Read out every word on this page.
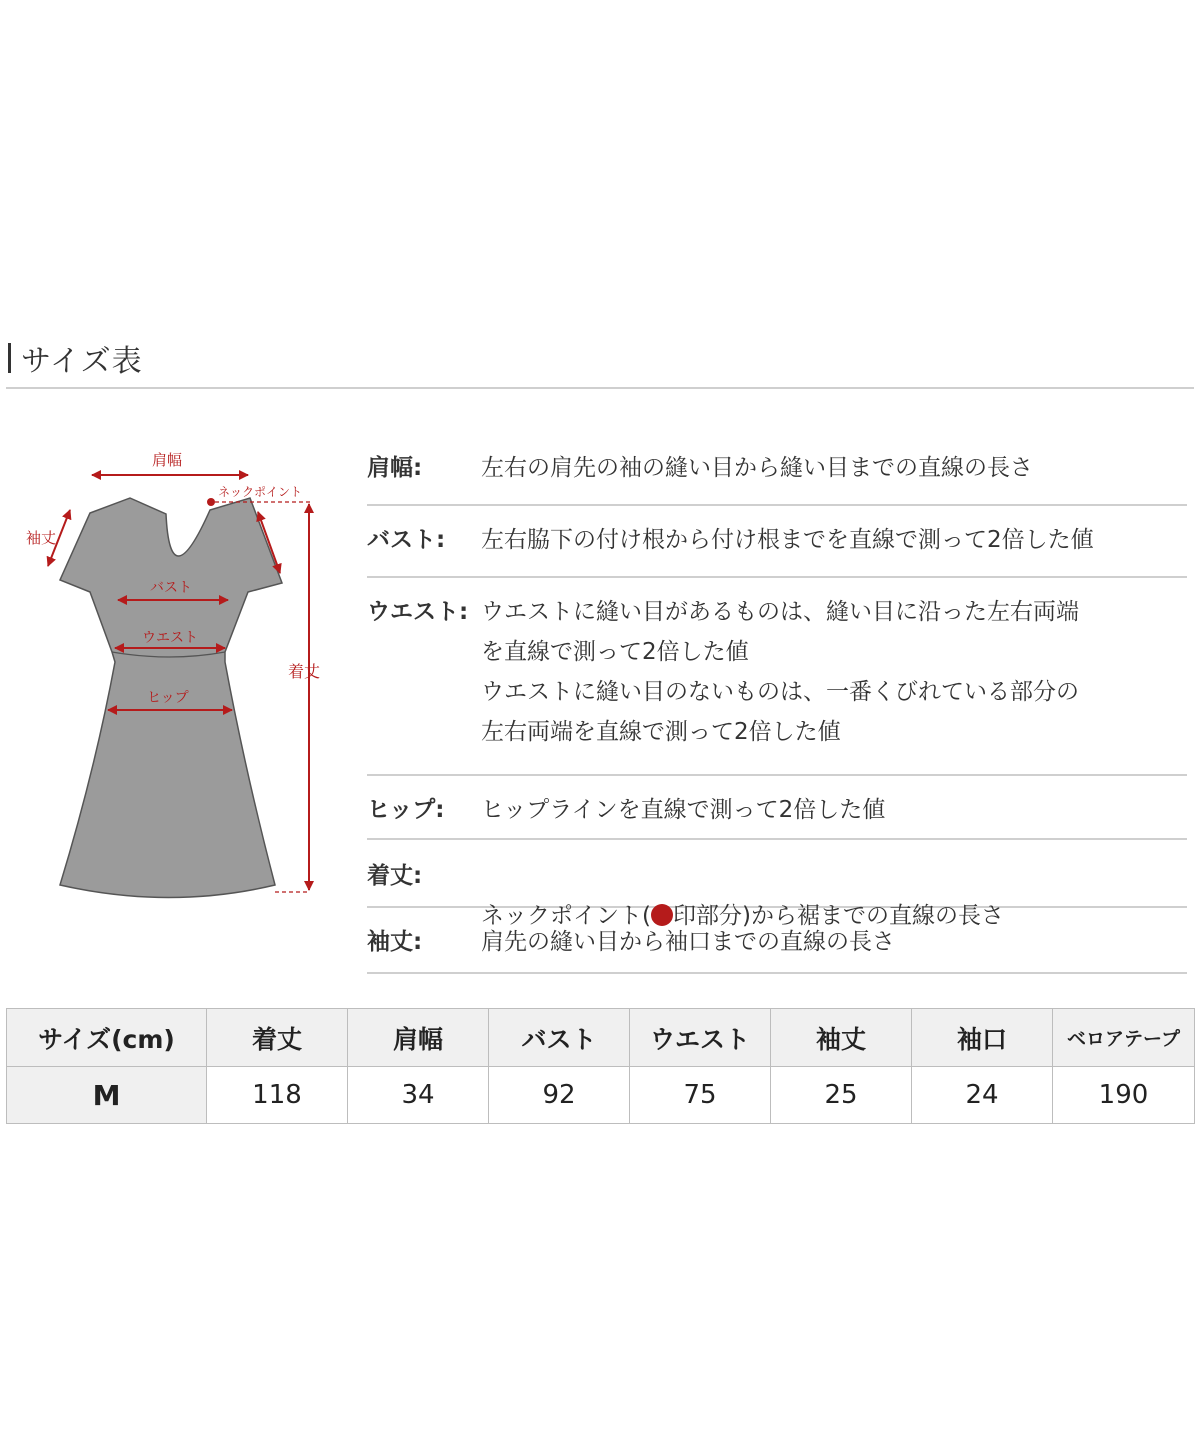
サイズ表
肩幅
ネックポイント
袖丈
バスト
ウエスト
ヒップ
着丈
肩幅:	左右の肩先の袖の縫い目から縫い目までの直線の長さ
バスト:	左右脇下の付け根から付け根までを直線で測って2倍した値
ウエスト: ウエストに縫い目があるものは、縫い目に沿った左右両端
を直線で測って2倍した値
ウエストに縫い目のないものは、一番くびれている部分の
左右両端を直線で測って2倍した値
ヒップ:	ヒップラインを直線で測って2倍した値
着丈:

ネックポイント( 印部分)から裾までの直線の長さ

袖丈:	肩先の縫い目から袖口までの直線の長さ
サイズ(cm)	着丈	肩幅	バスト	ウエスト	袖丈	袖口	ベロアテープ
M	118	34	92	75	25	24	190
